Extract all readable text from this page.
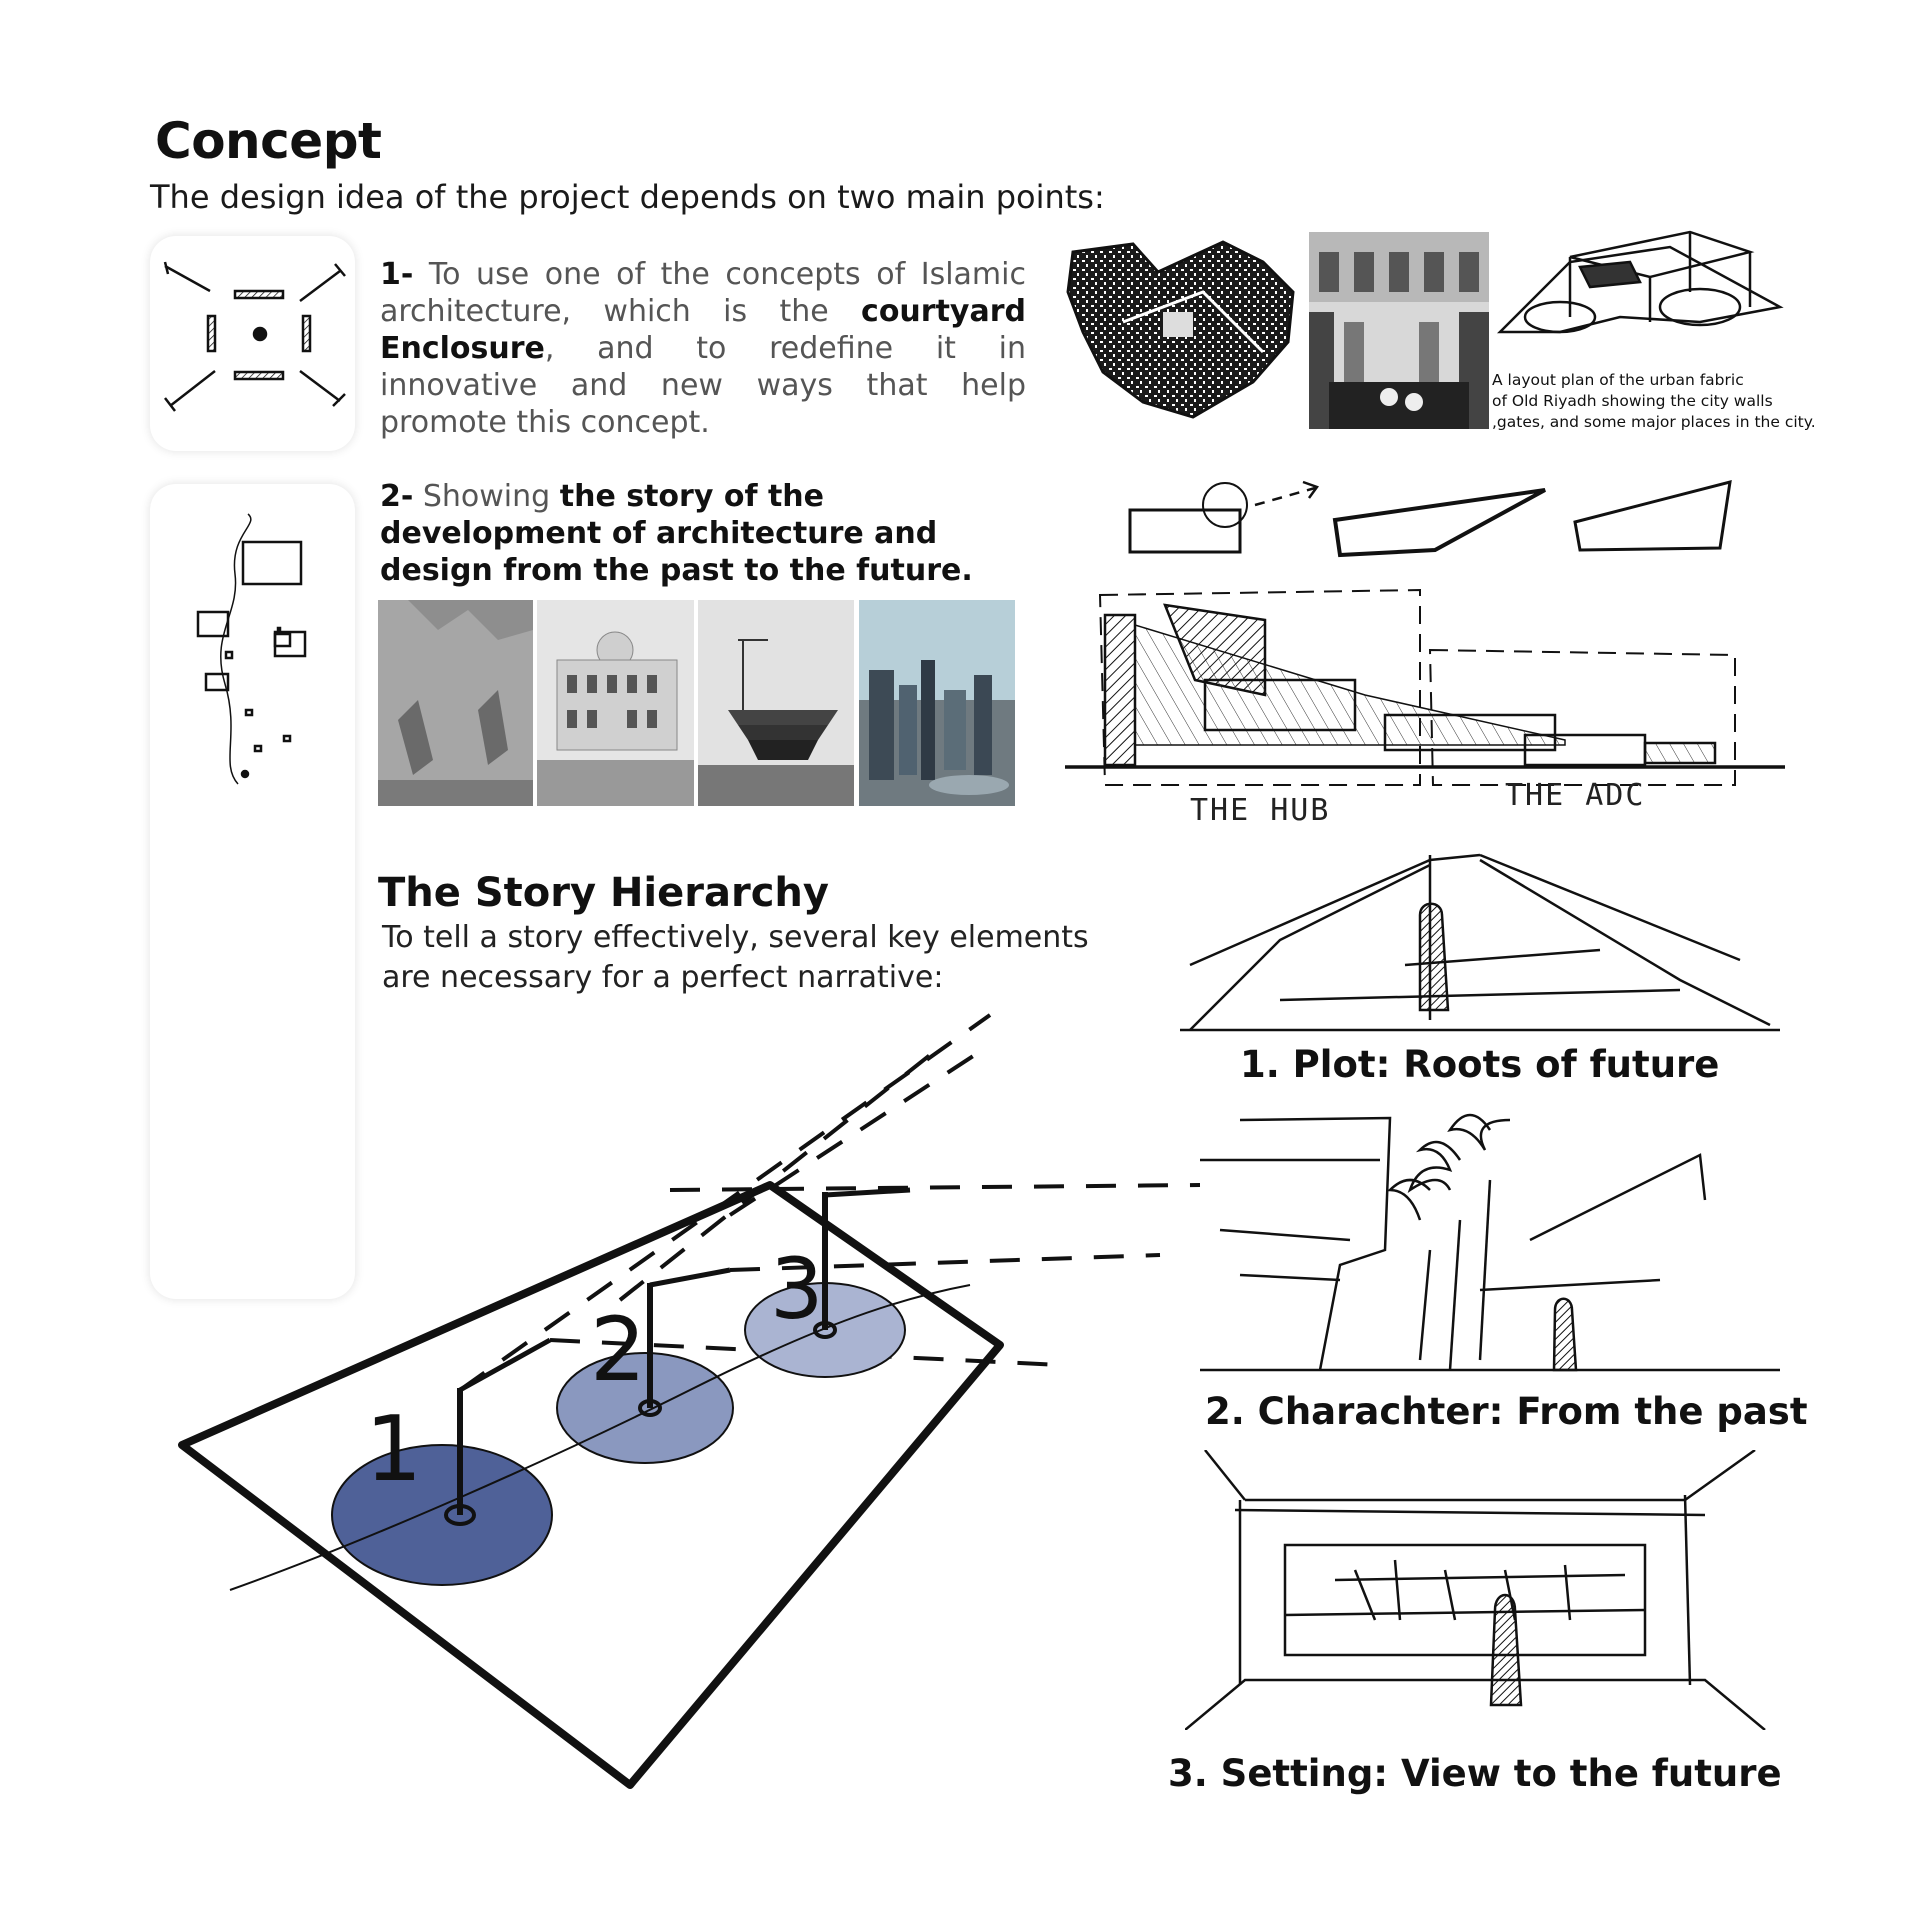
Concept
The design idea of the project depends on two main points:
1- To use one of the concepts of Islamic architecture, which is the courtyard Enclosure, and to redefine it in innovative and new ways that help promote this concept.
A layout plan of the urban fabric
of Old Riyadh showing the city walls
,gates, and some major places in the city.
2- Showing the story of the development of architecture and design from the past to the future.
THE HUB	THE ADC
The Story Hierarchy
To tell a story effectively, several key elements
are necessary for a perfect narrative:
1
2
3
1. Plot: Roots of future
2. Charachter: From the past
3. Setting: View to the future
